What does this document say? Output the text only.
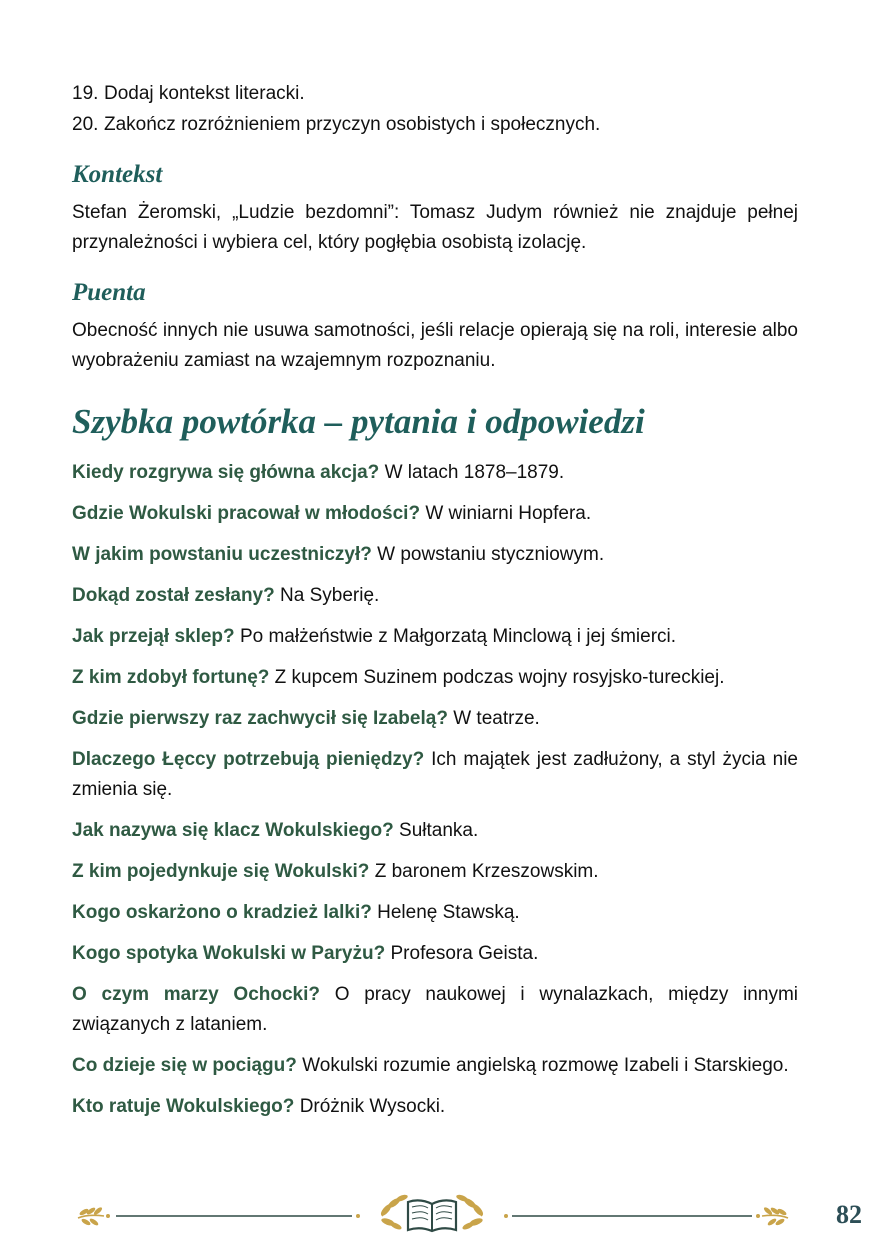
19. Dodaj kontekst literacki.
20. Zakończ rozróżnieniem przyczyn osobistych i społecznych.
Kontekst

Stefan Żeromski, „Ludzie bezdomni”: Tomasz Judym również nie znajduje pełnej przynależności i wybiera cel, który pogłębia osobistą izolację.

Puenta

Obecność innych nie usuwa samotności, jeśli relacje opierają się na roli, interesie albo wyobrażeniu zamiast na wzajemnym rozpoznaniu.

Szybka powtórka – pytania i odpowiedzi

Kiedy rozgrywa się główna akcja? W latach 1878–1879.

Gdzie Wokulski pracował w młodości? W winiarni Hopfera.

W jakim powstaniu uczestniczył? W powstaniu styczniowym.

Dokąd został zesłany? Na Syberię.

Jak przejął sklep? Po małżeństwie z Małgorzatą Minclową i jej śmierci.

Z kim zdobył fortunę? Z kupcem Suzinem podczas wojny rosyjsko-tureckiej.

Gdzie pierwszy raz zachwycił się Izabelą? W teatrze.

Dlaczego Łęccy potrzebują pieniędzy? Ich majątek jest zadłużony, a styl życia nie zmienia się.

Jak nazywa się klacz Wokulskiego? Sułtanka.

Z kim pojedynkuje się Wokulski? Z baronem Krzeszowskim.

Kogo oskarżono o kradzież lalki? Helenę Stawską.

Kogo spotyka Wokulski w Paryżu? Profesora Geista.

O czym marzy Ochocki? O pracy naukowej i wynalazkach, między innymi związanych z lataniem.

Co dzieje się w pociągu? Wokulski rozumie angielską rozmowę Izabeli i Starskiego.

Kto ratuje Wokulskiego? Dróżnik Wysocki.

82
